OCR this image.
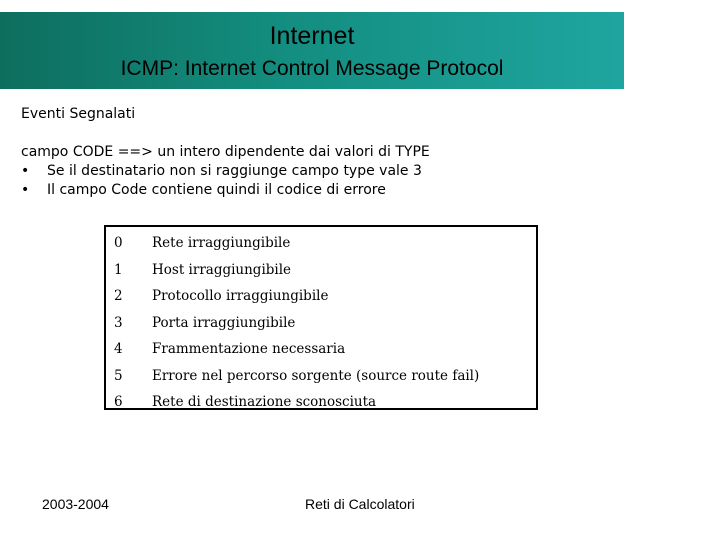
Internet
ICMP: Internet Control Message Protocol
Eventi Segnalati
campo CODE ==> un intero dipendente dai valori di TYPE
•	Se il destinatario non si raggiunge campo type vale 3
•	Il campo Code contiene quindi il codice di errore
0	Rete irraggiungibile
1	Host irraggiungibile
2	Protocollo irraggiungibile
3	Porta irraggiungibile
4	Frammentazione necessaria
5	Errore nel percorso sorgente (source route fail)
6	Rete di destinazione sconosciuta
2003-2004	Reti di Calcolatori
